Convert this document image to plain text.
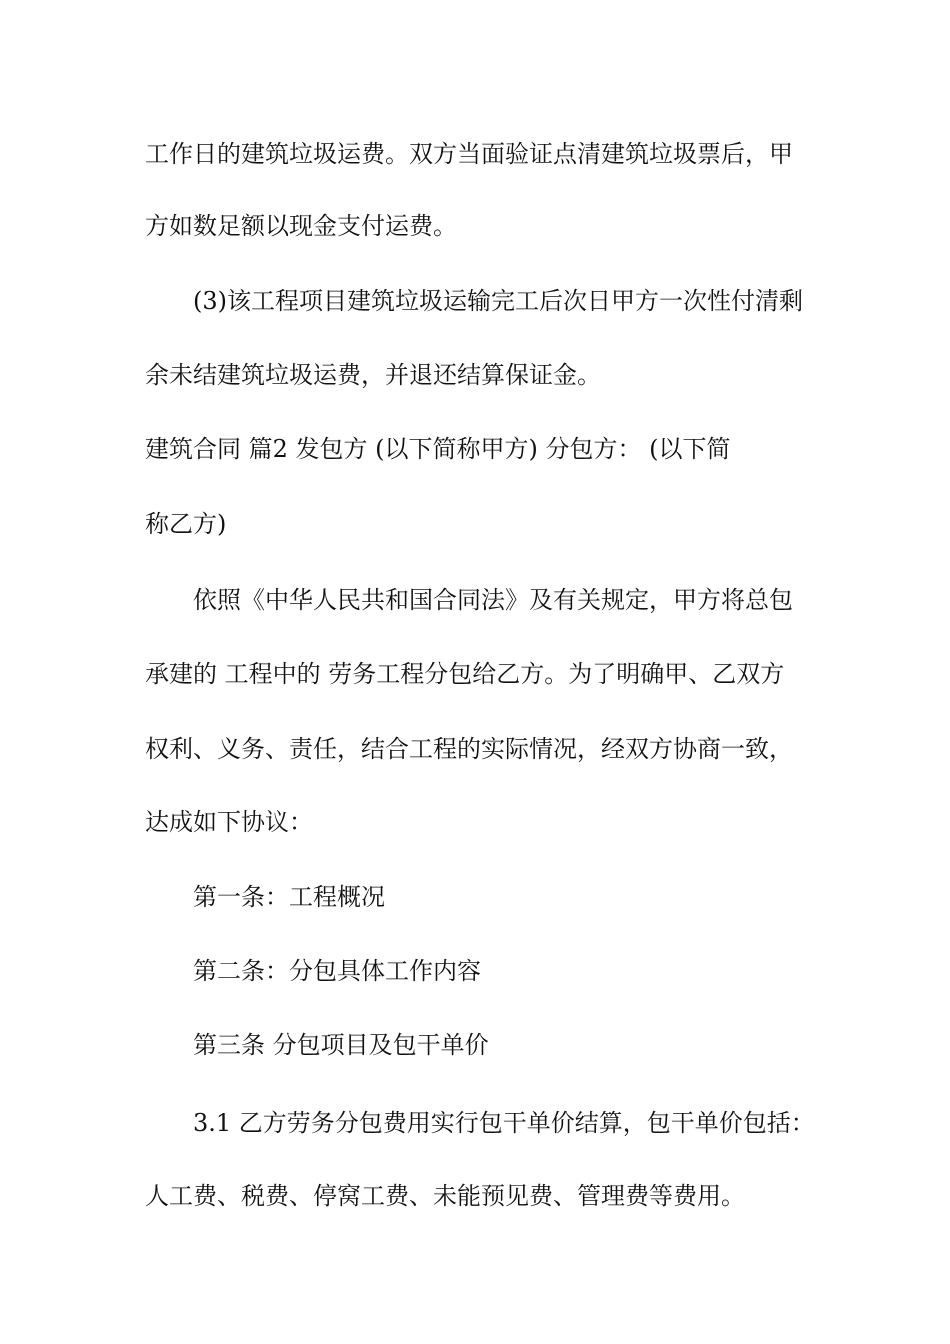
工作日的建筑垃圾运费。双方当面验证点清建筑垃圾票后，甲
方如数足额以现金支付运费。
(3)该工程项目建筑垃圾运输完工后次日甲方一次性付清剩
余未结建筑垃圾运费，并退还结算保证金。
建筑合同 篇2 发包方 (以下简称甲方) 分包方： (以下简
称乙方)
依照《中华人民共和国合同法》及有关规定，甲方将总包
承建的 工程中的 劳务工程分包给乙方。为了明确甲、乙双方
权利、义务、责任，结合工程的实际情况，经双方协商一致，
达成如下协议：
第一条：工程概况
第二条：分包具体工作内容
第三条 分包项目及包干单价
3.1 乙方劳务分包费用实行包干单价结算，包干单价包括：
人工费、税费、停窝工费、未能预见费、管理费等费用。
